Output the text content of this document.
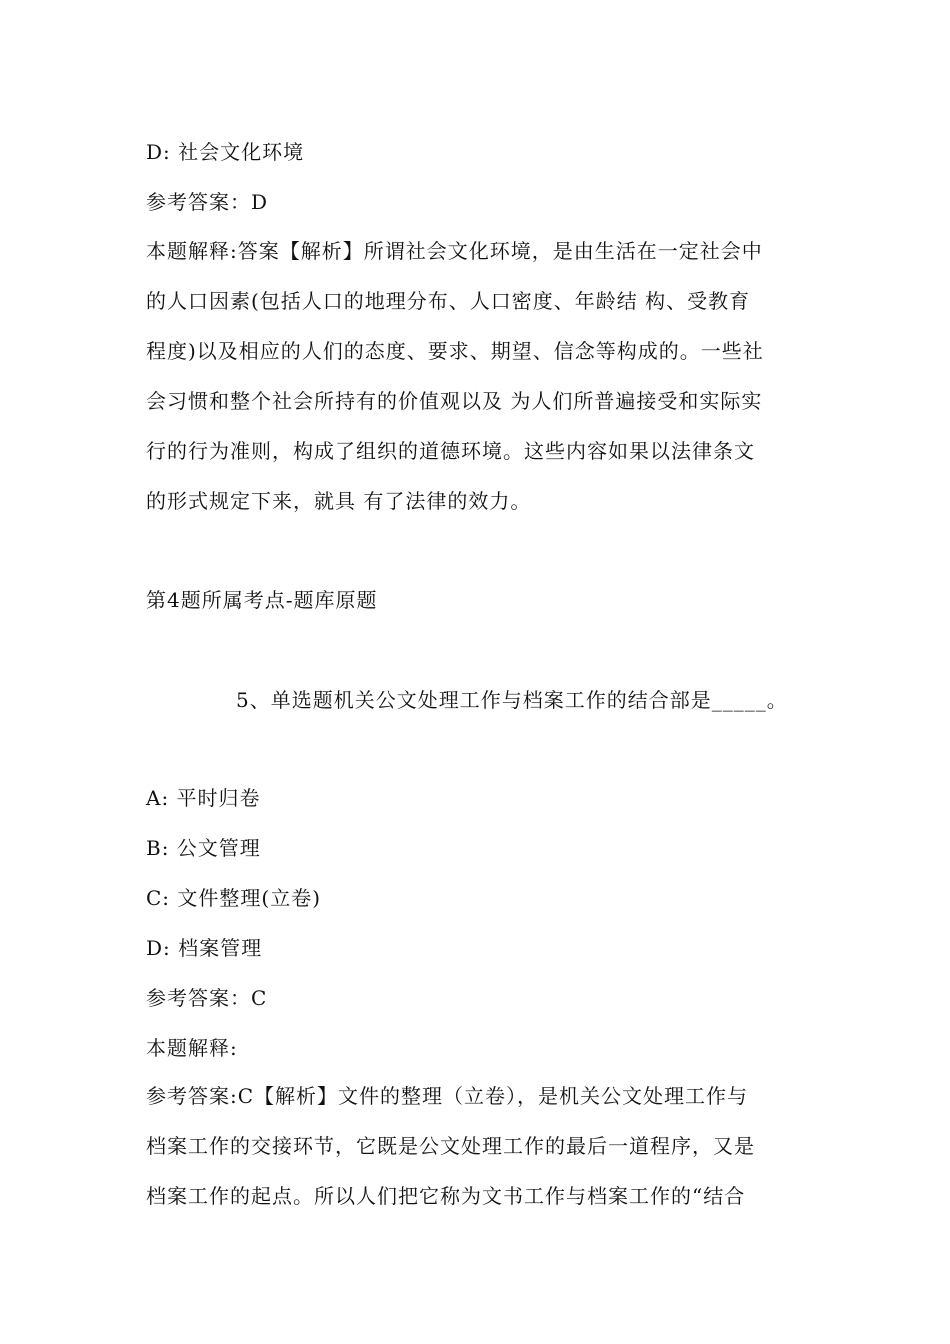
D: 社会文化环境
参考答案：D
本题解释:答案【解析】所谓社会文化环境，是由生活在一定社会中
的人口因素(包括人口的地理分布、人口密度、年龄结 构、受教育
程度)以及相应的人们的态度、要求、期望、信念等构成的。一些社
会习惯和整个社会所持有的价值观以及 为人们所普遍接受和实际实
行的行为准则，构成了组织的道德环境。这些内容如果以法律条文
的形式规定下来，就具 有了法律的效力。
第4题所属考点-题库原题
5、单选题机关公文处理工作与档案工作的结合部是_____。
A: 平时归卷
B: 公文管理
C: 文件整理(立卷)
D: 档案管理
参考答案：C
本题解释:
参考答案:C【解析】文件的整理（立卷），是机关公文处理工作与
档案工作的交接环节，它既是公文处理工作的最后一道程序，又是
档案工作的起点。所以人们把它称为文书工作与档案工作的“结合
